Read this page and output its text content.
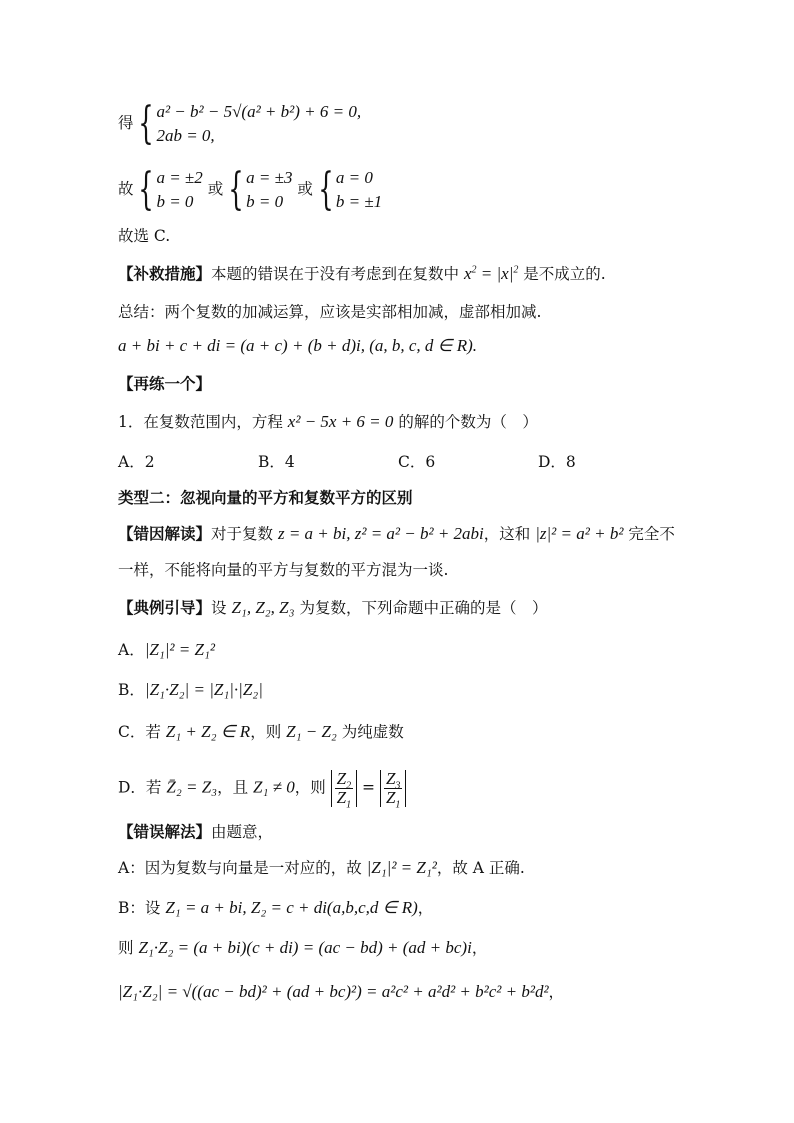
得 { a² − b² − 5√(a² + b²) + 6 = 0,
2ab = 0,
故 { a = ±2
b = 0
或 { a = ±3
b = 0
或 { a = 0
b = ±1
故选 C.
【补救措施】本题的错误在于没有考虑到在复数中 $x^2 = |x|^2$ 是不成立的.
总结：两个复数的加减运算，应该是实部相加减，虚部相加减.
a + bi + c + di = (a + c) + (b + d)i, (a, b, c, d ∈ R).
【再练一个】
1．在复数范围内，方程 x² − 5x + 6 = 0 的解的个数为（　）
A．2	B．4	C．6	D．8
类型二：忽视向量的平方和复数平方的区别
【错因解读】对于复数 z = a + bi, z² = a² − b² + 2abi，这和 |z|² = a² + b² 完全不
一样，不能将向量的平方与复数的平方混为一谈.
【典例引导】设 Z₁, Z₂, Z₃ 为复数，下列命题中正确的是（　）
A．|Z₁|² = Z₁²
B．|Z₁·Z₂| = |Z₁|·|Z₂|
C．若 Z₁ + Z₂ ∈ R，则 Z₁ − Z₂ 为纯虚数
D．若 Z̄₂ = Z₃，且 Z₁ ≠ 0，则 $\frac{Z_2}{Z_1} = \frac{Z_3}{Z_1}$
【错误解法】由题意，
A：因为复数与向量是一对应的，故 |Z₁|² = Z₁²，故 A 正确.
B：设 Z₁ = a + bi, Z₂ = c + di(a,b,c,d ∈ R)，
则 Z₁·Z₂ = (a + bi)(c + di) = (ac − bd) + (ad + bc)i，
|Z₁·Z₂| = √((ac − bd)² + (ad + bc)²) = a²c² + a²d² + b²c² + b²d²，
